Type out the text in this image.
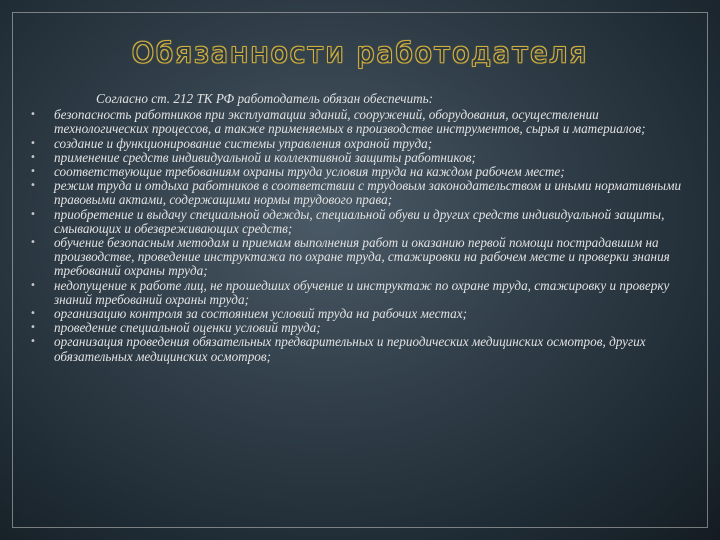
Обязанности работодателя

Согласно ст. 212 ТК РФ работодатель обязан обеспечить:

• безопасность работников при эксплуатации зданий, сооружений, оборудования, осуществлении технологических процессов, а также применяемых в производстве инструментов, сырья и материалов;
• создание и функционирование системы управления охраной труда;
• применение средств индивидуальной и коллективной защиты работников;
• соответствующие требованиям охраны труда условия труда на каждом рабочем месте;
• режим труда и отдыха работников в соответствии с трудовым законодательством и иными нормативными правовыми актами, содержащими нормы трудового права;
• приобретение и выдачу специальной одежды, специальной обуви и других средств индивидуальной защиты, смывающих и обезвреживающих средств;
• обучение безопасным методам и приемам выполнения работ и оказанию первой помощи пострадавшим на производстве, проведение инструктажа по охране труда, стажировки на рабочем месте и проверки знания требований охраны труда;
• недопущение к работе лиц, не прошедших обучение и инструктаж по охране труда, стажировку и проверку знаний требований охраны труда;
• организацию контроля за состоянием условий труда на рабочих местах;
• проведение специальной оценки условий труда;
• организация проведения обязательных предварительных и периодических медицинских осмотров, других обязательных медицинских осмотров;
